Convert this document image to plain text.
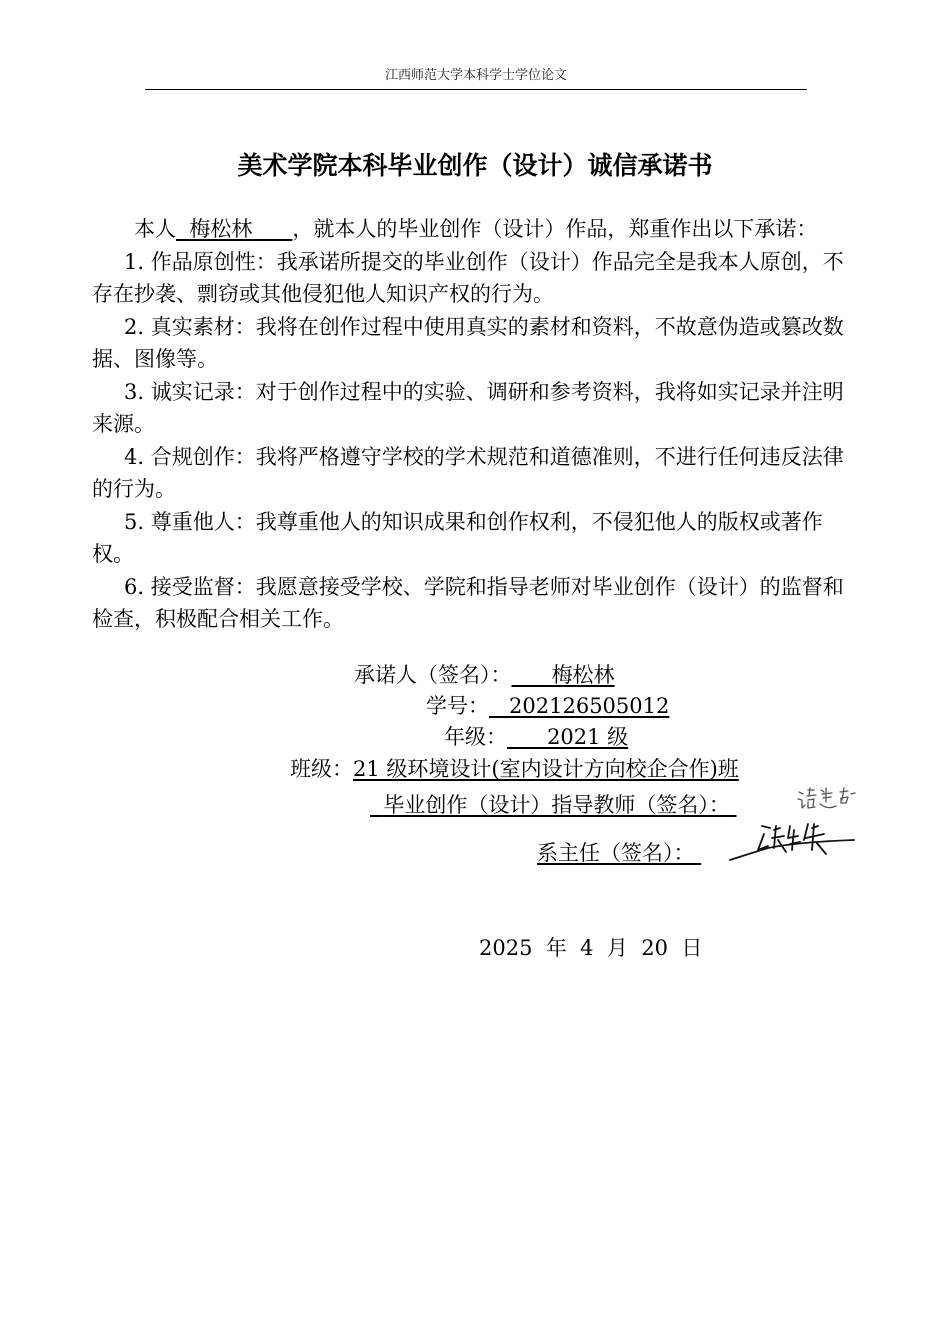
江西师范大学本科学士学位论文
美术学院本科毕业创作（设计）诚信承诺书

本人 梅松林 ，就本人的毕业创作（设计）作品，郑重作出以下承诺：

1. 作品原创性：我承诺所提交的毕业创作（设计）作品完全是我本人原创，不存在抄袭、剽窃或其他侵犯他人知识产权的行为。

2. 真实素材：我将在创作过程中使用真实的素材和资料，不故意伪造或篡改数据、图像等。

3. 诚实记录：对于创作过程中的实验、调研和参考资料，我将如实记录并注明来源。

4. 合规创作：我将严格遵守学校的学术规范和道德准则，不进行任何违反法律的行为。

5. 尊重他人：我尊重他人的知识成果和创作权利，不侵犯他人的版权或著作权。

6. 接受监督：我愿意接受学校、学院和指导老师对毕业创作（设计）的监督和检查，积极配合相关工作。

承诺人（签名）： 梅松林
学号： 202126505012
年级： 2021 级
班级：21 级环境设计(室内设计方向校企合作)班
毕业创作（设计）指导教师（签名）：
系主任（签名）：
2025 年 4 月 20 日
